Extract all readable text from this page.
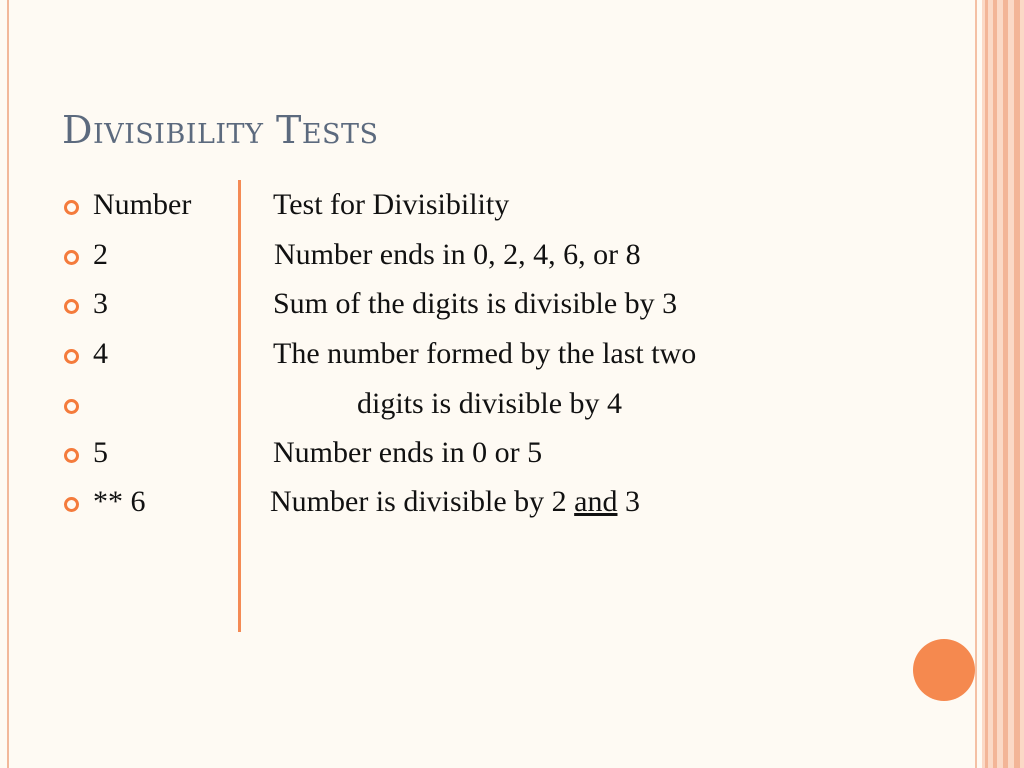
Divisibility Tests
Number	Test for Divisibility
2	Number ends in 0, 2, 4, 6, or 8
3	Sum of the digits is divisible by 3
4	The number formed by the last two
digits is divisible by 4
5	Number ends in 0 or 5
** 6	Number is divisible by 2 and 3
